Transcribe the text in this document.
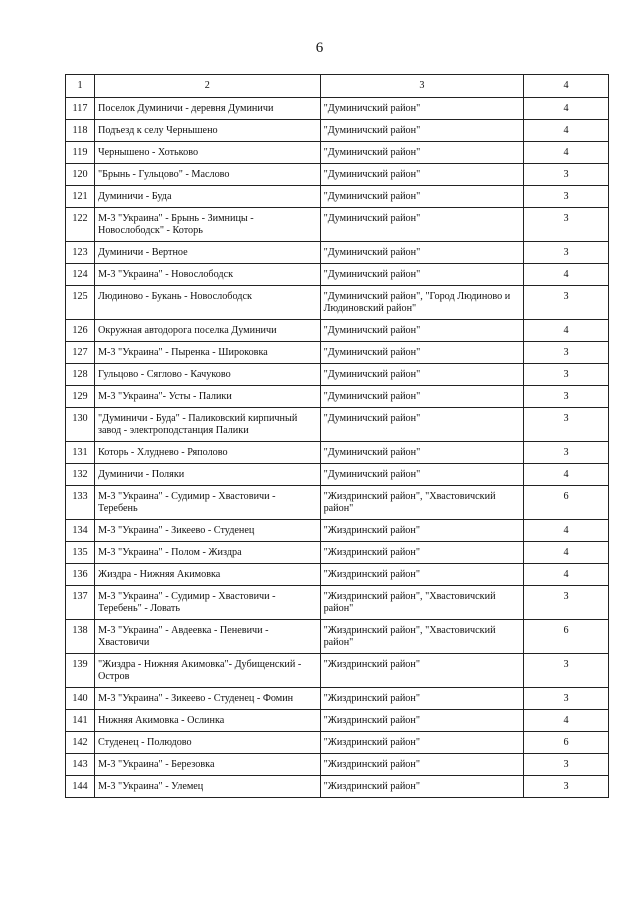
6
1	2	3	4
117	Поселок Думиничи - деревня Думиничи	"Думиничский район"	4
118	Подъезд к селу Чернышено	"Думиничский район"	4
119	Чернышено - Хотьково	"Думиничский район"	4
120	"Брынь - Гульцово" - Маслово	"Думиничский район"	3
121	Думиничи - Буда	"Думиничский район"	3
122	М-3 "Украина" - Брынь - Зимницы - Новослободск" - Которь	"Думиничский район"	3
123	Думиничи - Вертное	"Думиничский район"	3
124	М-3 "Украина" - Новослободск	"Думиничский район"	4
125	Людиново - Букань - Новослободск	"Думиничский район", "Город Людиново и Людиновский район"	3
126	Окружная автодорога поселка Думиничи	"Думиничский район"	4
127	М-3 "Украина" - Пыренка - Широковка	"Думиничский район"	3
128	Гульцово - Сяглово - Качуково	"Думиничский район"	3
129	М-3 "Украина"- Усты - Палики	"Думиничский район"	3
130	"Думиничи - Буда" - Паликовский кирпичный завод - электроподстанция Палики	"Думиничский район"	3
131	Которь - Хлуднево - Ряполово	"Думиничский район"	3
132	Думиничи - Поляки	"Думиничский район"	4
133	М-3 "Украина" - Судимир - Хвастовичи - Теребень	"Жиздринский район", "Хвастовичский район"	6
134	М-3 "Украина" - Зикеево - Студенец	"Жиздринский район"	4
135	М-3 "Украина" - Полом - Жиздра	"Жиздринский район"	4
136	Жиздра - Нижняя Акимовка	"Жиздринский район"	4
137	М-3 "Украина" - Судимир - Хвастовичи - Теребень" - Ловать	"Жиздринский район", "Хвастовичский район"	3
138	М-3 "Украина" - Авдеевка - Пеневичи - Хвастовичи	"Жиздринский район", "Хвастовичский район"	6
139	"Жиздра - Нижняя Акимовка"- Дубищенский - Остров	"Жиздринский район"	3
140	М-3 "Украина" - Зикеево - Студенец - Фомин	"Жиздринский район"	3
141	Нижняя Акимовка - Ослинка	"Жиздринский район"	4
142	Студенец - Полюдово	"Жиздринский район"	6
143	М-3 "Украина" - Березовка	"Жиздринский район"	3
144	М-3 "Украина" - Улемец	"Жиздринский район"	3
